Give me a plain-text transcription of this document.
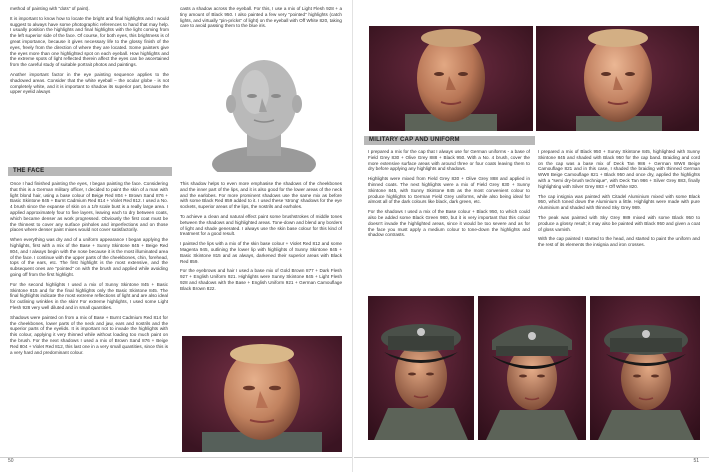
method of painting with "dots" of paint).

It is important to know how to locate the bright and final highlights and I would suggest to always have some photographic references to hand that may help. I usually position the highlights and final highlights with the light coming from the left superior side of the face. Of course, for both eyes, this brightness is of great importance, because it gives necessary life to the glossy finish of the eyes, freely from the direction of where they are located. Some painters give the eyes more than one highlighted spot on each eyeball. How highlights and the extreme spots of light reflected therein affect the eyes can be ascertained from the careful study of suitable portrait photos and paintings.

Another important factor in the eye painting sequence applies to the shadowed areas. Consider that the white eyeball – the ocular globe - is not completely white, and it is important to shadow its superior part, because the upper eyelid always

casts a shadow across the eyeball. For this, I use a mix of Light Flesh 928 + a tiny amount of Black 950. I also painted a few very "pointed" highlights (catch lights, and virtually "pin-pricks" of light) on the eyeball with Off White 820, taking care to avoid passing them to the blue iris.

THE FACE

Once I had finished painting the eyes, I began painting the face. Considering that this is a German military officer, I decided to paint the skin of a man with light blond hair, using a base colour of Beige Red 804 + Brown Sand 876 + Basic Skintone 845 + Burnt Cadmium Red 814 + Violet Red 812. I used a No. 4 brush since the expanse of skin on a 1/9 scale bust is a really large area. I applied approximately four to five layers, leaving each to dry between coats, which became denser as work progressed. Obviously the first coat must be the thinnest to cover any surface pinholes and imperfections and on those places where denser paint mixes would not cover satisfactorily.

When everything was dry and of a uniform appearance I began applying the highlights, first with a mix of the Base + Sunny Skintone 845 + Beige Red 804, and I always begin with the nose because it is the most illuminated area of the face. I continue with the upper parts of the cheekbones, chin, forehead, tops of the ears, etc. The first highlight is the most extensive, and the subsequent ones are "pointed" on with the brush and applied while avoiding going off from the first highlight.

For the second highlights I used a mix of Sunny Skintone 845 + Basic Skintone 815 and for the final highlights only the Basic Skintone 845. The final highlights indicate the most extreme reflections of light and are also ideal for outlining wrinkles in the skin! For extreme highlights, I used some Light Flesh 928 very well diluted and in small quantities.

Shadows were painted on from a mix of Base + Burnt Cadmium Red 814 for the cheekbones, lower parts of the neck and jaw, ears and nostrils and the superior parts of the eyelids. It is important not to invade the highlights with this colour, applying it very thinned while without loading too much paint on the brush. For the next shadows I used a mix of Brown Sand 876 + Beige Red 804 + Violet Red 812, this last one in a very small quantities, since this is a very hard and predominant colour.

This shadow helps to even more emphasise the shadows of the cheekbones and the inner part of the lips, and it is also good for the lower areas of the neck and the earlobes. For more prominent shadows use the same mix as before with some Black Red 859 added to it. I used these 'strong' shadows for the eye sockets, superior areas of the lips, the nostrils and earholes.

To achieve a clean and natural effect paint some brushstrokes of middle tones between the shadows and highlighted areas. Tone-down and blend any borders of light and shade generated. I always use the skin base colour for this kind of treatment for a good result.

I painted the lips with a mix of the skin base colour + Violet Red 812 and some Magenta 945, outlining the lower lip with highlights of Sunny Skintone 845 + Basic Skintone 815 and as always, darkened their superior areas with Black Red 859.

For the eyebrows and hair I used a base mix of Gold Brown 877 + Dark Flesh 927 + English Uniform 921. Highlights were Sunny Skintone 845 + Light Flesh 928 and shadows with the Base + English Uniform 921 + German Camouflage Black Brown 822.

50
MILITARY CAP AND UNIFORM

I prepared a mix for the cap that I always use for German uniforms - a base of Field Grey 830 + Olive Grey 888 + Black 950. With a No. 4 brush, cover the more extensive surface areas with around three or four coats leaving them to dry before applying any highlights and shadows.

Highlights were mixed from Field Grey 830 + Olive Grey 888 and applied in thinned coats. The next highlights were a mix of Field Grey 830 + Sunny Skintone 845, with Sunny Skintone 845 as the most convenient colour to produce highlights to German Field Grey uniforms, while also being ideal for almost all of the dark colours like black, dark green, etc.

For the shadows I used a mix of the Base colour + Black 950, to which could also be added some Black Green 980, but it is very important that this colour doesn't invade the highlighted areas, since it would be too severe and as for the face you must apply a medium colour to tone-down the highlights and shadow contrasts.

I prepared a mix of Black 950 + Sunny Skintone 845, highlighted with Sunny Skintone 845 and shaded with Black 950 for the cap band. Braiding and cord on the cap was a base mix of Deck Tan 986 + German WWII Beige Camouflage 821 and in this case, I shaded the braiding with thinned German WWII Beige Camouflage 821 + Black 950 and once dry, applied the highlights with a "semi dry-brush technique", with Deck Tan 986 + Silver Grey 883, finally highlighting with Silver Grey 883 + Off White 820.

The cap insignia was painted with Citadel Aluminium mixed with some Black 950, which toned down the Aluminium a little. Highlights were made with pure Aluminium and shaded with thinned Sky Grey 989.

The peak was painted with Sky Grey 989 mixed with some Black 950 to produce a glossy result; it may also be painted with Black 950 and given a coat of gloss varnish.

With the cap painted I started to the head, and started to paint the uniform and the rest of its elements the insignia and iron crosses.

51
